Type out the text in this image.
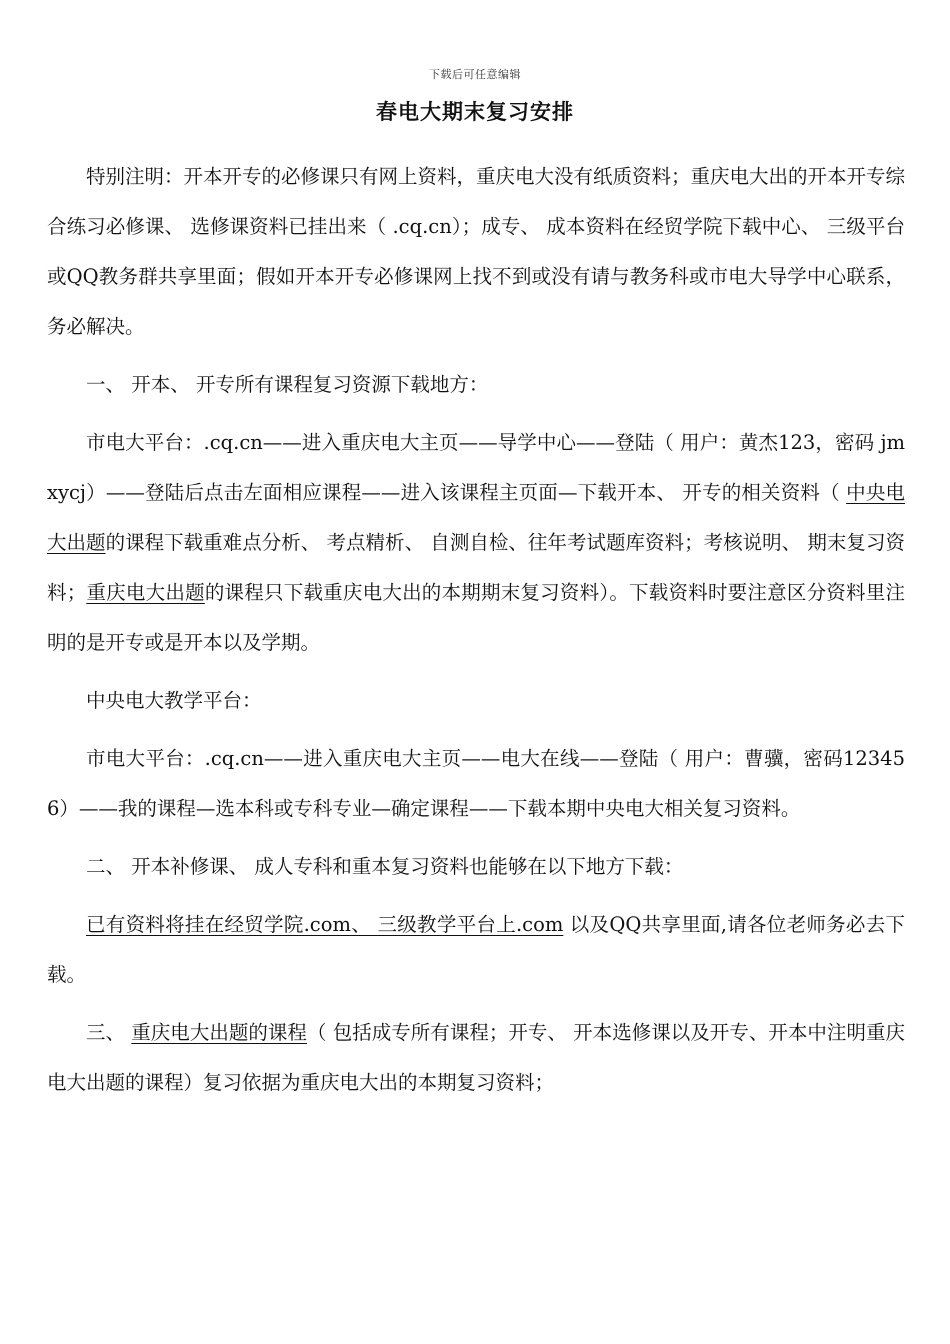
下载后可任意编辑
春电大期末复习安排

特别注明：开本开专的必修课只有网上资料，重庆电大没有纸质资料；重庆电大出的开本开专综合练习必修课、 选修课资料已挂出来（ .cq.cn）；成专、 成本资料在经贸学院下载中心、 三级平台或QQ教务群共享里面；假如开本开专必修课网上找不到或没有请与教务科或市电大导学中心联系，务必解决。

一、 开本、 开专所有课程复习资源下载地方：

市电大平台：.cq.cn——进入重庆电大主页——导学中心——登陆（ 用户：黄杰123，密码 jmxycj）——登陆后点击左面相应课程——进入该课程主页面—下载开本、 开专的相关资料（ 中央电大出题的课程下载重难点分析、 考点精析、 自测自检、往年考试题库资料；考核说明、 期末复习资料；重庆电大出题的课程只下载重庆电大出的本期期末复习资料）。下载资料时要注意区分资料里注明的是开专或是开本以及学期。

中央电大教学平台：

市电大平台：.cq.cn——进入重庆电大主页——电大在线——登陆（ 用户：曹骥，密码123456）——我的课程—选本科或专科专业—确定课程——下载本期中央电大相关复习资料。

二、 开本补修课、 成人专科和重本复习资料也能够在以下地方下载：

已有资料将挂在经贸学院.com、 三级教学平台上.com 以及QQ共享里面,请各位老师务必去下载。

三、 重庆电大出题的课程（ 包括成专所有课程；开专、 开本选修课以及开专、开本中注明重庆电大出题的课程）复习依据为重庆电大出的本期复习资料；
